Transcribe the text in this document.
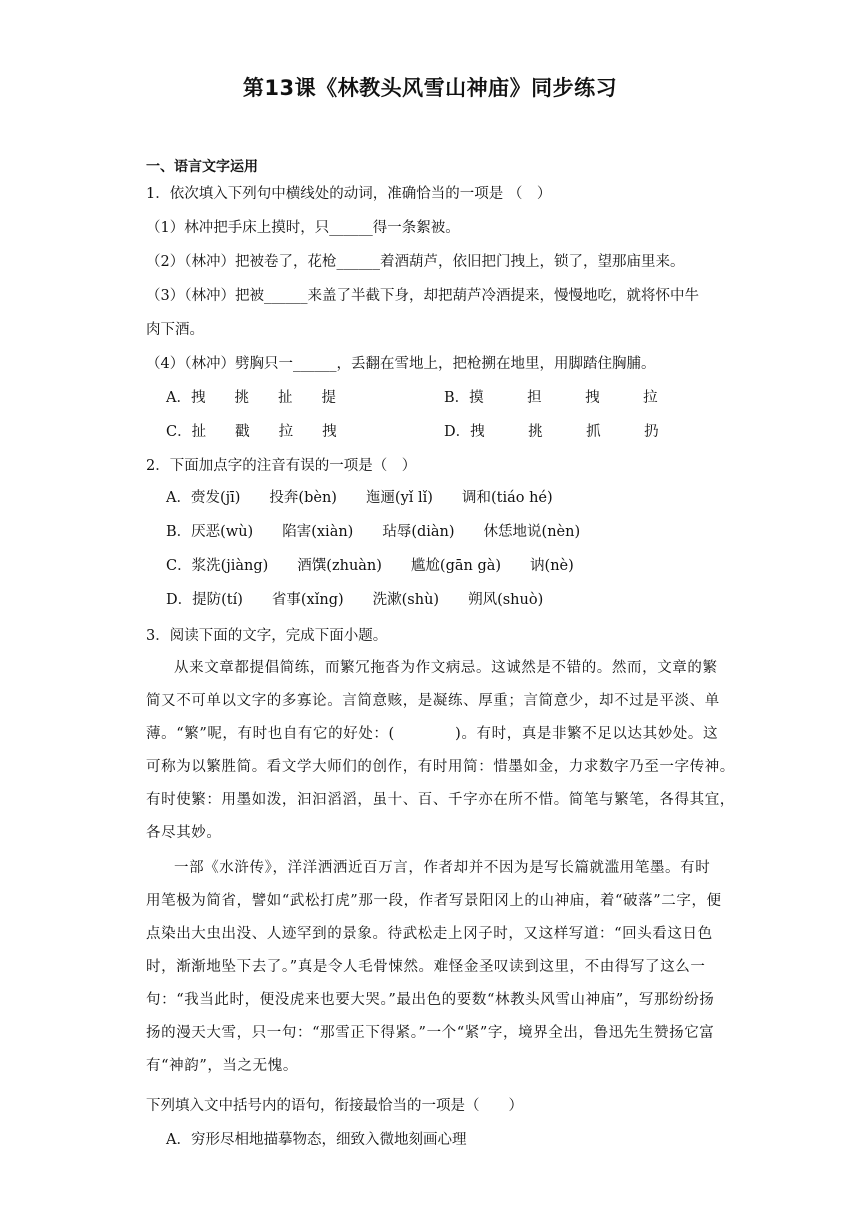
第13课《林教头风雪山神庙》同步练习
一、语言文字运用
1．依次填入下列句中横线处的动词，准确恰当的一项是 （　）
（1）林冲把手床上摸时，只______得一条絮被。
（2）（林冲）把被卷了，花枪______着酒葫芦，依旧把门拽上，锁了，望那庙里来。
（3）（林冲）把被______来盖了半截下身，却把葫芦冷酒提来，慢慢地吃，就将怀中牛
肉下酒。
（4）（林冲）劈胸只一______，丢翻在雪地上，把枪搠在地里，用脚踏住胸脯。
A．拽　　挑　　扯　　提	B．摸　　　担　　　拽　　　拉
C．扯　　戳　　拉　　拽	D．拽　　　挑　　　抓　　　扔
2．下面加点字的注音有误的一项是（　）
A．赍发(jī)　　投奔(bèn)　　迤逦(yǐ lǐ)　　调和(tiáo hé)
B．厌恶(wù)　　陷害(xiàn)　　玷辱(diàn)　　休恁地说(nèn)
C．浆洗(jiàng)　　酒馔(zhuàn)　　尴尬(gān gà)　　讷(nè)
D．提防(tí)　　省事(xǐng)　　洗漱(shù)　　朔风(shuò)
3．阅读下面的文字，完成下面小题。
从来文章都提倡简练，而繁冗拖沓为作文病忌。这诚然是不错的。然而，文章的繁
简又不可单以文字的多寡论。言简意赅，是凝练、厚重；言简意少，却不过是平淡、单
薄。“繁”呢，有时也自有它的好处：(　　　　)。有时，真是非繁不足以达其妙处。这
可称为以繁胜简。看文学大师们的创作，有时用简：惜墨如金，力求数字乃至一字传神。
有时使繁：用墨如泼，汩汩滔滔，虽十、百、千字亦在所不惜。简笔与繁笔，各得其宜，
各尽其妙。
一部《水浒传》，洋洋洒洒近百万言，作者却并不因为是写长篇就滥用笔墨。有时
用笔极为简省，譬如“武松打虎”那一段，作者写景阳冈上的山神庙，着“破落”二字，便
点染出大虫出没、人迹罕到的景象。待武松走上冈子时，又这样写道：“回头看这日色
时，渐渐地坠下去了。”真是令人毛骨悚然。难怪金圣叹读到这里，不由得写了这么一
句：“我当此时，便没虎来也要大哭。”最出色的要数“林教头风雪山神庙”，写那纷纷扬
扬的漫天大雪，只一句：“那雪正下得紧。”一个“紧”字，境界全出，鲁迅先生赞扬它富
有“神韵”，当之无愧。
下列填入文中括号内的语句，衔接最恰当的一项是（　　）
A．穷形尽相地描摹物态，细致入微地刻画心理
